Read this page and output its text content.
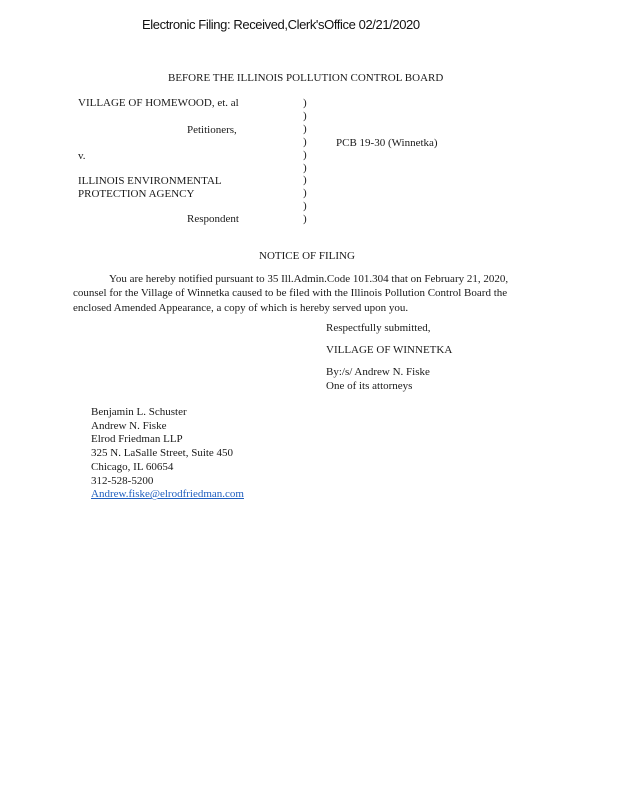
Electronic Filing: Received,Clerk'sOffice 02/21/2020
BEFORE THE ILLINOIS POLLUTION CONTROL BOARD
VILLAGE OF HOMEWOOD, et. al
Petitioners,
v.
ILLINOIS ENVIRONMENTAL
PROTECTION AGENCY
Respondent
)
)
)
)
)
)
)
)
)
)
PCB 19-30 (Winnetka)
NOTICE OF FILING
You are hereby notified pursuant to 35 Ill.Admin.Code 101.304 that on February 21, 2020,
counsel for the Village of Winnetka caused to be filed with the Illinois Pollution Control Board the
enclosed Amended Appearance, a copy of which is hereby served upon you.
Respectfully submitted,
VILLAGE OF WINNETKA
By:/s/ Andrew N. Fiske
One of its attorneys
Benjamin L. Schuster
Andrew N. Fiske
Elrod Friedman LLP
325 N. LaSalle Street, Suite 450
Chicago, IL 60654
312-528-5200
Andrew.fiske@elrodfriedman.com
